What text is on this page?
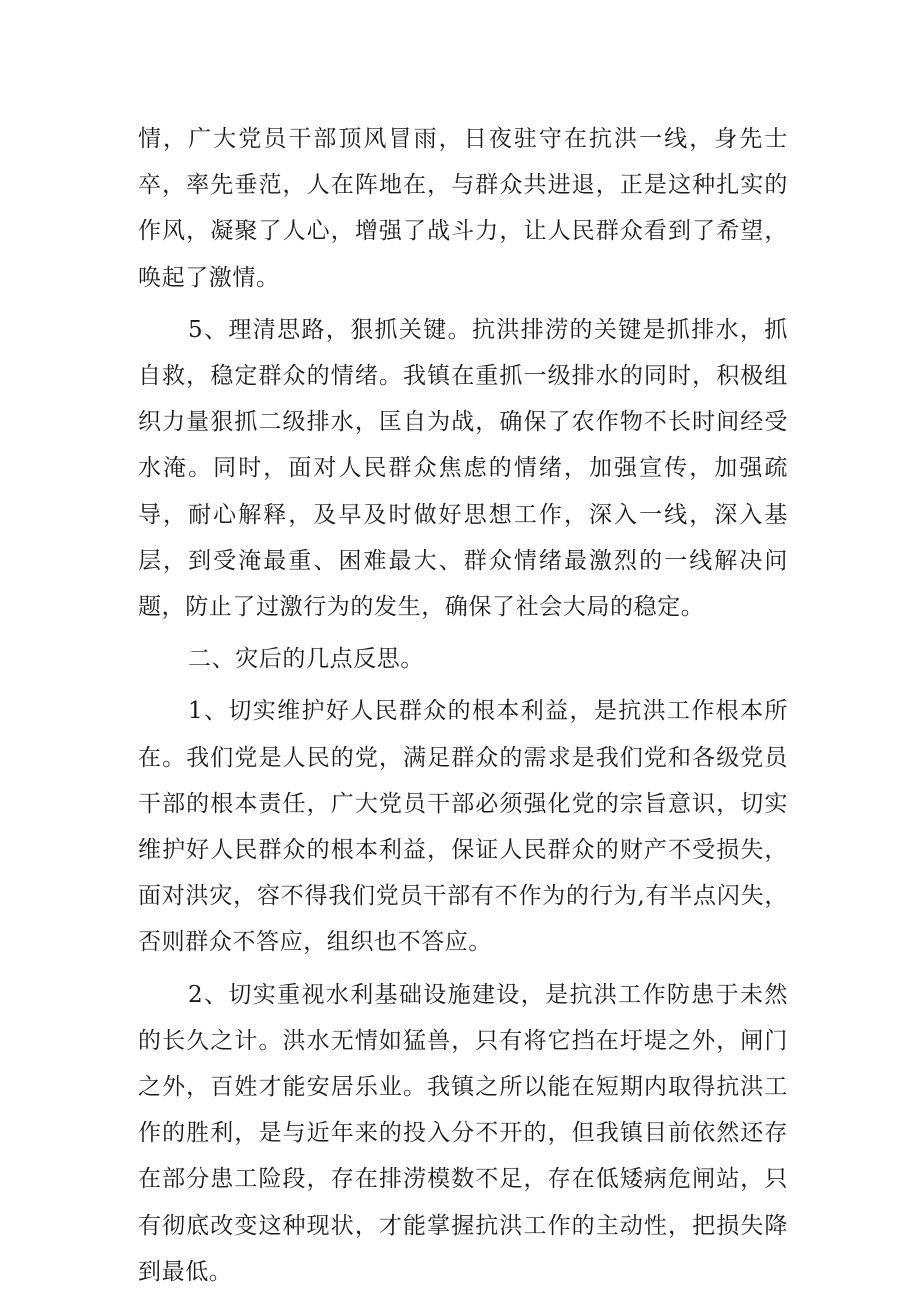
情，广大党员干部顶风冒雨，日夜驻守在抗洪一线，身先士卒，率先垂范，人在阵地在，与群众共进退，正是这种扎实的作风，凝聚了人心，增强了战斗力，让人民群众看到了希望，唤起了激情。

5、理清思路，狠抓关键。抗洪排涝的关键是抓排水，抓自救，稳定群众的情绪。我镇在重抓一级排水的同时，积极组织力量狠抓二级排水，匡自为战，确保了农作物不长时间经受水淹。同时，面对人民群众焦虑的情绪，加强宣传，加强疏导，耐心解释，及早及时做好思想工作，深入一线，深入基层，到受淹最重、困难最大、群众情绪最激烈的一线解决问题，防止了过激行为的发生，确保了社会大局的稳定。

二、灾后的几点反思。

1、切实维护好人民群众的根本利益，是抗洪工作根本所在。我们党是人民的党，满足群众的需求是我们党和各级党员干部的根本责任，广大党员干部必须强化党的宗旨意识，切实维护好人民群众的根本利益，保证人民群众的财产不受损失，面对洪灾，容不得我们党员干部有不作为的行为,有半点闪失，否则群众不答应，组织也不答应。

2、切实重视水利基础设施建设，是抗洪工作防患于未然的长久之计。洪水无情如猛兽，只有将它挡在圩堤之外，闸门之外，百姓才能安居乐业。我镇之所以能在短期内取得抗洪工作的胜利，是与近年来的投入分不开的，但我镇目前依然还存在部分患工险段，存在排涝模数不足，存在低矮病危闸站，只有彻底改变这种现状，才能掌握抗洪工作的主动性，把损失降到最低。
